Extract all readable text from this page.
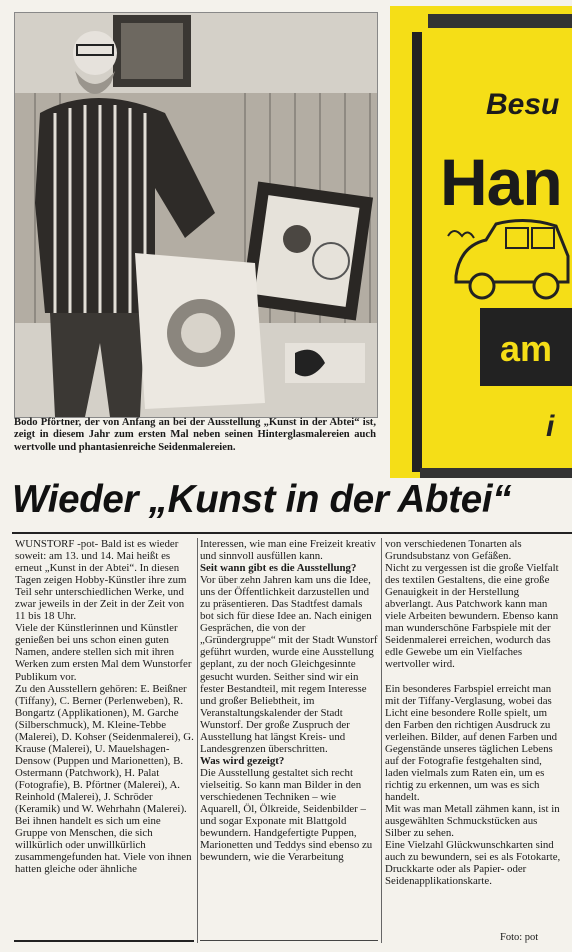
Bodo Pförtner, der von Anfang an bei der Ausstellung „Kunst in der Abtei“ ist, zeigt in diesem Jahr zum ersten Mal neben seinen Hinterglasmalereien auch wertvolle und phantasienreiche Seidenmalereien.
Besu
Han
am
i
Wieder „Kunst in der Abtei“

WUNSTORF -pot- Bald ist es wieder soweit: am 13. und 14. Mai heißt es erneut „Kunst in der Abtei“. In diesen Tagen zeigen Hobby-Künstler ihre zum Teil sehr unterschiedlichen Werke, und zwar jeweils in der Zeit in der Zeit von 11 bis 18 Uhr.

Viele der Künstlerinnen und Künstler genießen bei uns schon einen guten Namen, andere stellen sich mit ihren Werken zum ersten Mal dem Wunstorfer Publikum vor.

Zu den Ausstellern gehören: E. Beißner (Tiffany), C. Berner (Perlenweben), R. Bongartz (Applikationen), M. Garche (Silberschmuck), M. Kleine-Tebbe (Malerei), D. Kohser (Seidenmalerei), G. Krause (Malerei), U. Mauelshagen-Densow (Puppen und Marionetten), B. Ostermann (Patchwork), H. Palat (Fotografie), B. Pförtner (Malerei), A. Reinhold (Malerei), J. Schröder (Keramik) und W. Wehrhahn (Malerei).

Bei ihnen handelt es sich um eine Gruppe von Menschen, die sich willkürlich oder unwillkürlich zusammengefunden hat. Viele von ihnen hatten gleiche oder ähnliche

Interessen, wie man eine Freizeit kreativ und sinnvoll ausfüllen kann.

Seit wann gibt es die Ausstellung?

Vor über zehn Jahren kam uns die Idee, uns der Öffentlichkeit darzustellen und zu präsentieren. Das Stadtfest damals bot sich für diese Idee an. Nach einigen Gesprächen, die von der „Gründergruppe“ mit der Stadt Wunstorf geführt wurden, wurde eine Ausstellung geplant, zu der noch Gleichgesinnte gesucht wurden. Seither sind wir ein fester Bestandteil, mit regem Interesse und großer Beliebtheit, im Veranstaltungskalender der Stadt Wunstorf. Der große Zuspruch der Ausstellung hat längst Kreis- und Landesgrenzen überschritten.

Was wird gezeigt?

Die Ausstellung gestaltet sich recht vielseitig. So kann man Bilder in den verschiedenen Techniken – wie Aquarell, Öl, Ölkreide, Seidenbilder – und sogar Exponate mit Blattgold bewundern. Handgefertigte Puppen, Marionetten und Teddys sind ebenso zu bewundern, wie die Verarbeitung

von verschiedenen Tonarten als Grundsubstanz von Gefäßen.

Nicht zu vergessen ist die große Vielfalt des textilen Gestaltens, die eine große Genauigkeit in der Herstellung abverlangt. Aus Patchwork kann man viele Arbeiten bewundern. Ebenso kann man wunderschöne Farbspiele mit der Seidenmalerei erreichen, wodurch das edle Gewebe um ein Vielfaches wertvoller wird.

Ein besonderes Farbspiel erreicht man mit der Tiffany-Verglasung, wobei das Licht eine besondere Rolle spielt, um den Farben den richtigen Ausdruck zu verleihen. Bilder, auf denen Farben und Gegenstände unseres täglichen Lebens auf der Fotografie festgehalten sind, laden vielmals zum Raten ein, um es richtig zu erkennen, um was es sich handelt.

Mit was man Metall zähmen kann, ist in ausgewählten Schmuckstücken aus Silber zu sehen.

Eine Vielzahl Glückwunschkarten sind auch zu bewundern, sei es als Fotokarte, Druckkarte oder als Papier- oder Seidenapplikationskarte.

Foto: pot
